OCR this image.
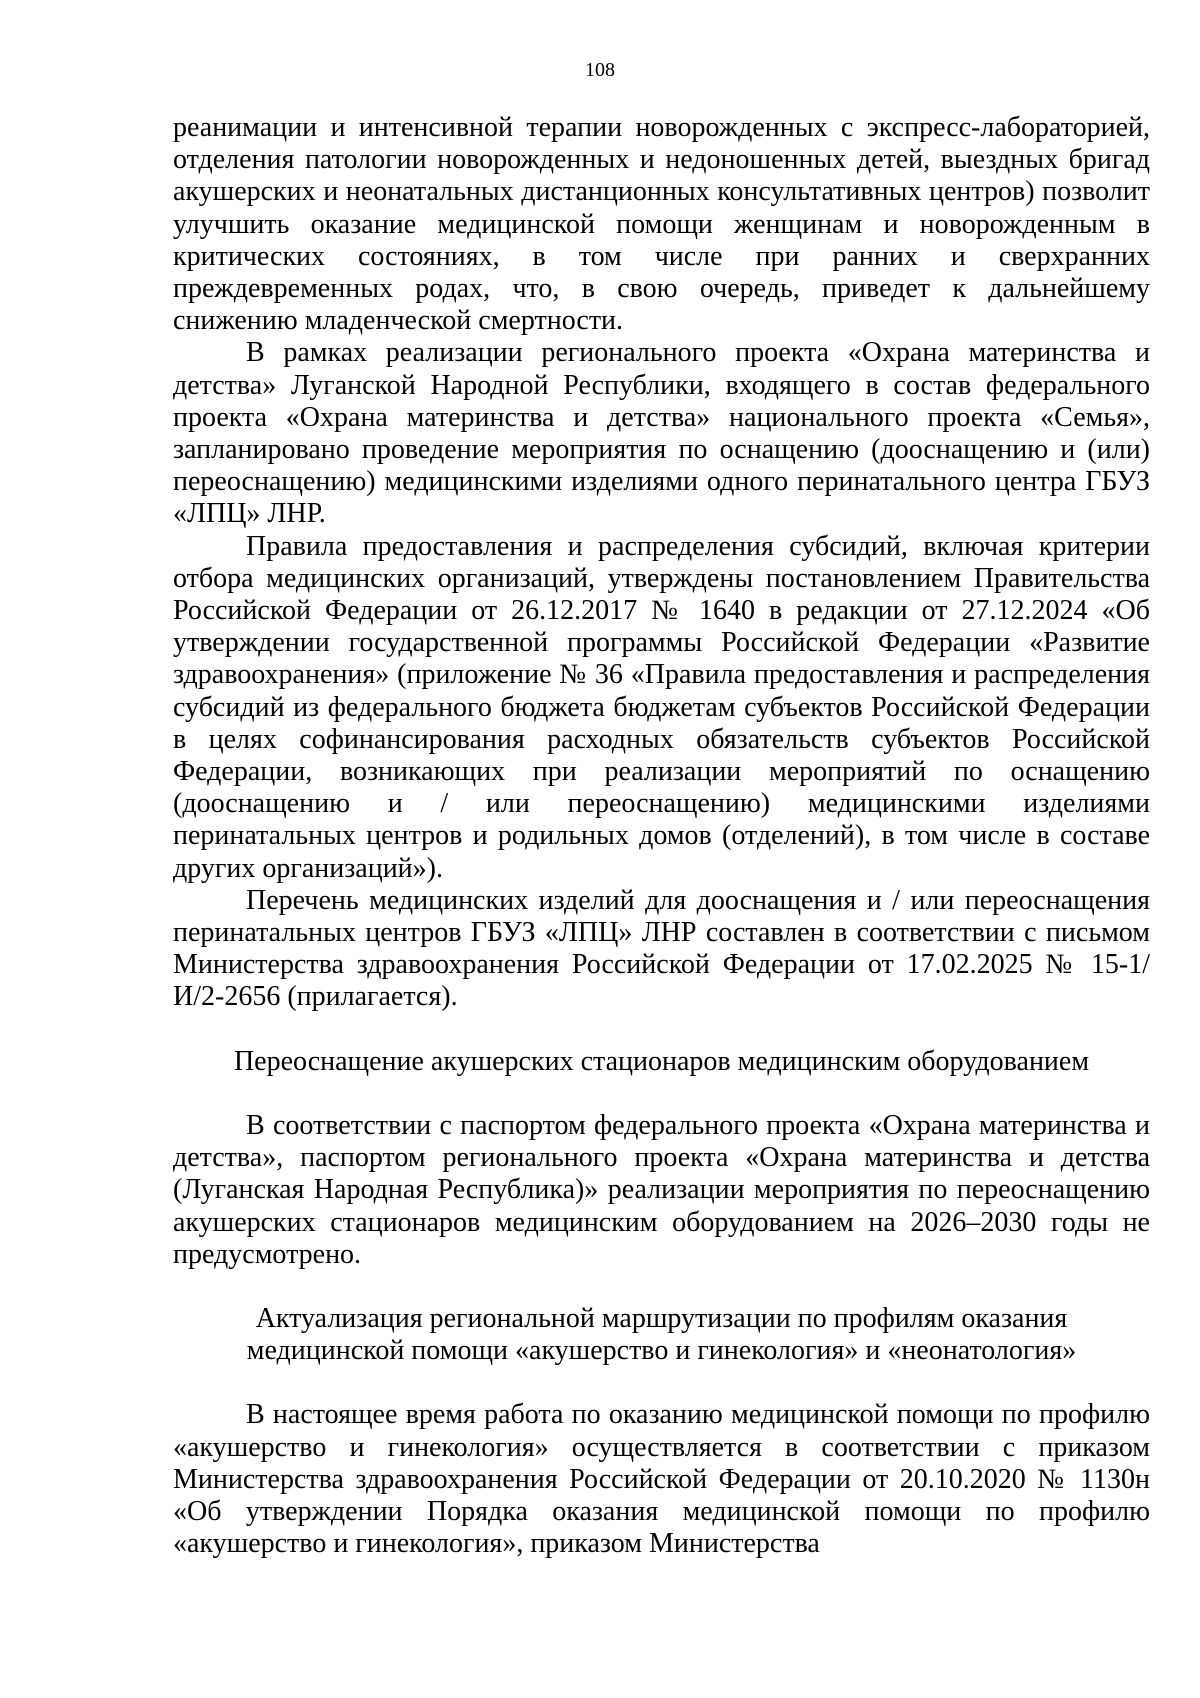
108

реанимации и интенсивной терапии новорожденных с экспресс-лабораторией, отделения патологии новорожденных и недоношенных детей, выездных бригад акушерских и неонатальных дистанционных консультативных центров) позволит улучшить оказание медицинской помощи женщинам и новорожденным в критических состояниях, в том числе при ранних и сверхранних преждевременных родах, что, в свою очередь, приведет к дальнейшему снижению младенческой смертности.

В рамках реализации регионального проекта «Охрана материнства и детства» Луганской Народной Республики, входящего в состав федерального проекта «Охрана материнства и детства» национального проекта «Семья», запланировано проведение мероприятия по оснащению (дооснащению и (или) переоснащению) медицинскими изделиями одного перинатального центра ГБУЗ «ЛПЦ» ЛНР.

Правила предоставления и распределения субсидий, включая критерии отбора медицинских организаций, утверждены постановлением Правительства Российской Федерации от 26.12.2017 № 1640 в редакции от 27.12.2024 «Об утверждении государственной программы Российской Федерации «Развитие здравоохранения» (приложение № 36 «Правила предоставления и распределения субсидий из федерального бюджета бюджетам субъектов Российской Федерации в целях софинансирования расходных обязательств субъектов Российской Федерации, возникающих при реализации мероприятий по оснащению (дооснащению и / или переоснащению) медицинскими изделиями перинатальных центров и родильных домов (отделений), в том числе в составе других организаций»).

Перечень медицинских изделий для дооснащения и / или переоснащения перинатальных центров ГБУЗ «ЛПЦ» ЛНР составлен в соответствии с письмом Министерства здравоохранения Российской Федерации от 17.02.2025 № 15-1/И/2-2656 (прилагается).

Переоснащение акушерских стационаров медицинским оборудованием

В соответствии с паспортом федерального проекта «Охрана материнства и детства», паспортом регионального проекта «Охрана материнства и детства (Луганская Народная Республика)» реализации мероприятия по переоснащению акушерских стационаров медицинским оборудованием на 2026–2030 годы не предусмотрено.

Актуализация региональной маршрутизации по профилям оказания
медицинской помощи «акушерство и гинекология» и «неонатология»

В настоящее время работа по оказанию медицинской помощи по профилю «акушерство и гинекология» осуществляется в соответствии с приказом Министерства здравоохранения Российской Федерации от 20.10.2020 № 1130н «Об утверждении Порядка оказания медицинской помощи по профилю «акушерство и гинекология», приказом Министерства
